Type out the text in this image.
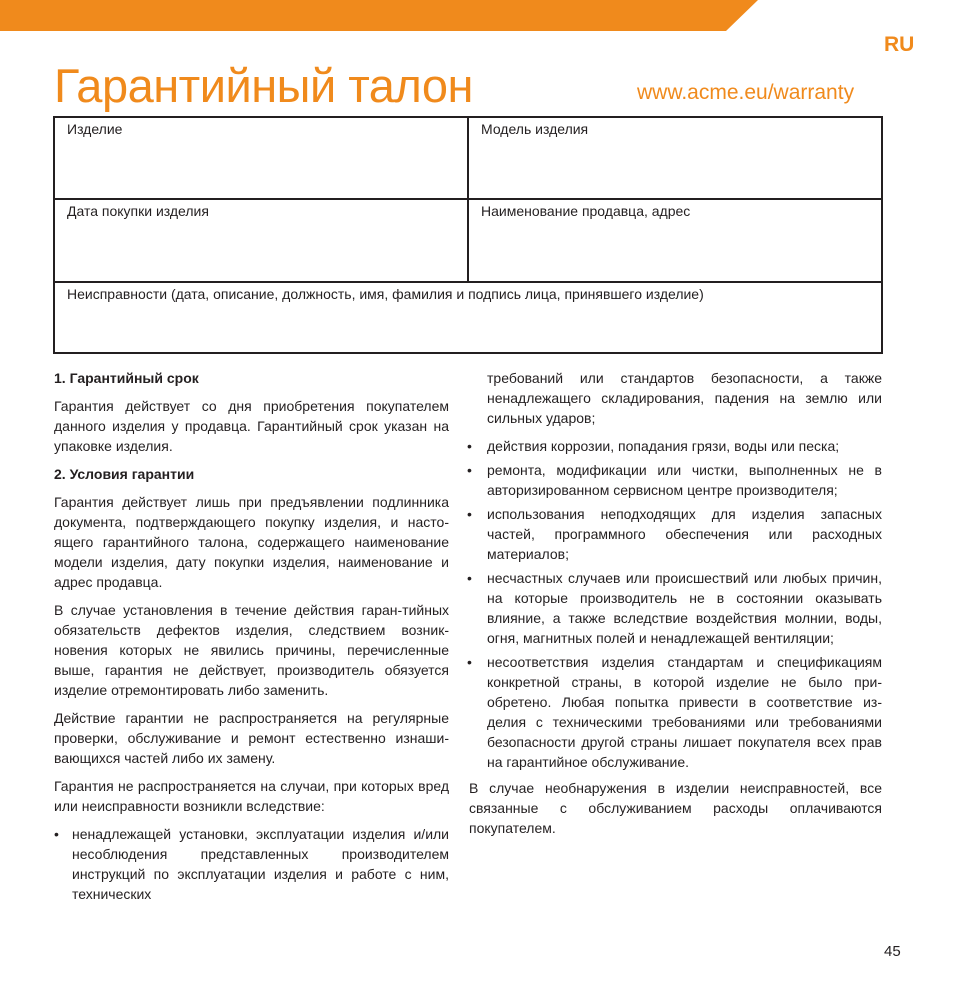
RU
Гарантийный талон	www.acme.eu/warranty
Изделие	Модель изделия
Дата покупки изделия	Наименование продавца, адрес
Неисправности (дата, описание, должность, имя, фамилия и подпись лица, принявшего изделие)	
1. Гарантийный срок

Гарантия действует со дня приобретения покупателем данного изделия у продавца. Гарантийный срок указан на упаковке изделия.

2. Условия гарантии

Гарантия действует лишь при предъявлении подлинника документа, подтверждающего покупку изделия, и насто-ящего гарантийного талона, содержащего наименование модели изделия, дату покупки изделия, наименование и адрес продавца.

В случае установления в течение действия гаран-тийных обязательств дефектов изделия, следствием возник-новения которых не явились причины, перечисленные выше, гарантия не действует, производитель обязуется изделие отремонтировать либо заменить.

Действие гарантии не распространяется на регулярные проверки, обслуживание и ремонт естественно изнаши-вающихся частей либо их замену.

Гарантия не распространяется на случаи, при которых вред или неисправности возникли вследствие:

• ненадлежащей установки, эксплуатации изделия и/или несоблюдения представленных производителем инструкций по эксплуатации изделия и работе с ним, технических

требований или стандартов безопасности, а также ненадлежащего складирования, падения на землю или сильных ударов;

• действия коррозии, попадания грязи, воды или песка;
• ремонта, модификации или чистки, выполненных не в авторизированном сервисном центре производителя;
• использования неподходящих для изделия запасных частей, программного обеспечения или расходных материалов;
• несчастных случаев или происшествий или любых причин, на которые производитель не в состоянии оказывать влияние, а также вследствие воздействия молнии, воды, огня, магнитных полей и ненадлежащей вентиляции;
• несоответствия изделия стандартам и спецификациям конкретной страны, в которой изделие не было при-обретено. Любая попытка привести в соответствие из-делия с техническими требованиями или требованиями безопасности другой страны лишает покупателя всех прав на гарантийное обслуживание.

В случае необнаружения в изделии неисправностей, все связанные с обслуживанием расходы оплачиваются покупателем.

45
